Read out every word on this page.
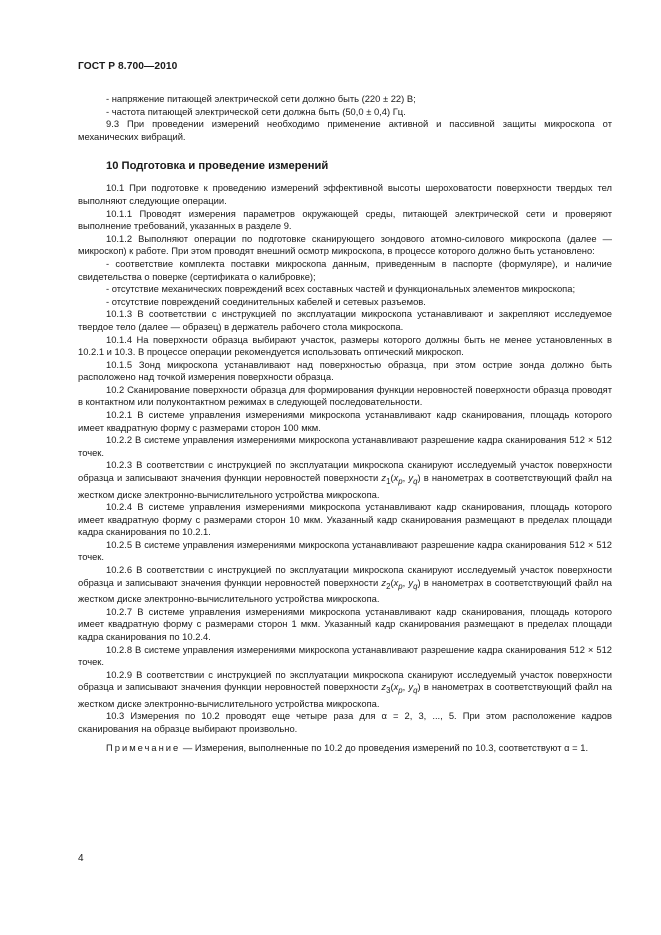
ГОСТ Р 8.700—2010

- напряжение питающей электрической сети должно быть (220 ± 22) В;

- частота питающей электрической сети должна быть (50,0 ± 0,4) Гц.

9.3 При проведении измерений необходимо применение активной и пассивной защиты микроскопа от механических вибраций.

10 Подготовка и проведение измерений

10.1 При подготовке к проведению измерений эффективной высоты шероховатости поверхности твердых тел выполняют следующие операции.

10.1.1 Проводят измерения параметров окружающей среды, питающей электрической сети и проверяют выполнение требований, указанных в разделе 9.

10.1.2 Выполняют операции по подготовке сканирующего зондового атомно-силового микроскопа (далее — микроскоп) к работе. При этом проводят внешний осмотр микроскопа, в процессе которого должно быть установлено:

- соответствие комплекта поставки микроскопа данным, приведенным в паспорте (формуляре), и наличие свидетельства о поверке (сертификата о калибровке);

- отсутствие механических повреждений всех составных частей и функциональных элементов микроскопа;

- отсутствие повреждений соединительных кабелей и сетевых разъемов.

10.1.3 В соответствии с инструкцией по эксплуатации микроскопа устанавливают и закрепляют исследуемое твердое тело (далее — образец) в держатель рабочего стола микроскопа.

10.1.4 На поверхности образца выбирают участок, размеры которого должны быть не менее установленных в 10.2.1 и 10.3. В процессе операции рекомендуется использовать оптический микроскоп.

10.1.5 Зонд микроскопа устанавливают над поверхностью образца, при этом острие зонда должно быть расположено над точкой измерения поверхности образца.

10.2 Сканирование поверхности образца для формирования функции неровностей поверхности образца проводят в контактном или полуконтактном режимах в следующей последовательности.

10.2.1 В системе управления измерениями микроскопа устанавливают кадр сканирования, площадь которого имеет квадратную форму с размерами сторон 100 мкм.

10.2.2 В системе управления измерениями микроскопа устанавливают разрешение кадра сканирования 512 × 512 точек.

10.2.3 В соответствии с инструкцией по эксплуатации микроскопа сканируют исследуемый участок поверхности образца и записывают значения функции неровностей поверхности $z_1(x_p$, $y_q$) в нанометрах в соответствующий файл на жестком диске электронно-вычислительного устройства микроскопа.

10.2.4 В системе управления измерениями микроскопа устанавливают кадр сканирования, площадь которого имеет квадратную форму с размерами сторон 10 мкм. Указанный кадр сканирования размещают в пределах площади кадра сканирования по 10.2.1.

10.2.5 В системе управления измерениями микроскопа устанавливают разрешение кадра сканирования 512 × 512 точек.

10.2.6 В соответствии с инструкцией по эксплуатации микроскопа сканируют исследуемый участок поверхности образца и записывают значения функции неровностей поверхности $z_2(x_p$, $y_q$) в нанометрах в соответствующий файл на жестком диске электронно-вычислительного устройства микроскопа.

10.2.7 В системе управления измерениями микроскопа устанавливают кадр сканирования, площадь которого имеет квадратную форму с размерами сторон 1 мкм. Указанный кадр сканирования размещают в пределах площади кадра сканирования по 10.2.4.

10.2.8 В системе управления измерениями микроскопа устанавливают разрешение кадра сканирования 512 × 512 точек.

10.2.9 В соответствии с инструкцией по эксплуатации микроскопа сканируют исследуемый участок поверхности образца и записывают значения функции неровностей поверхности $z_3(x_p$, $y_q$) в нанометрах в соответствующий файл на жестком диске электронно-вычислительного устройства микроскопа.

10.3 Измерения по 10.2 проводят еще четыре раза для α = 2, 3, ..., 5. При этом расположение кадров сканирования на образце выбирают произвольно.

Примечание — Измерения, выполненные по 10.2 до проведения измерений по 10.3, соответствуют α = 1.

4
